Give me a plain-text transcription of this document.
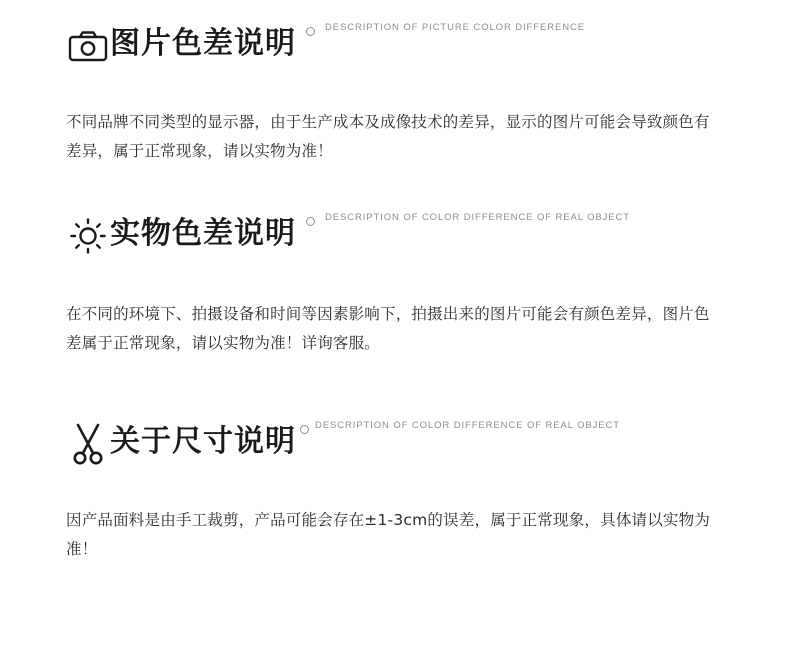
图片色差说明	DESCRIPTION OF PICTURE COLOR DIFFERENCE
不同品牌不同类型的显示器，由于生产成本及成像技术的差异，显示的图片可能会导致颜色有差异，属于正常现象，请以实物为准！
实物色差说明	DESCRIPTION OF COLOR DIFFERENCE OF REAL OBJECT
在不同的环境下、拍摄设备和时间等因素影响下，拍摄出来的图片可能会有颜色差异，图片色差属于正常现象，请以实物为准！详询客服。
关于尺寸说明	DESCRIPTION OF COLOR DIFFERENCE OF REAL OBJECT
因产品面料是由手工裁剪，产品可能会存在±1-3cm的误差，属于正常现象，具体请以实物为准！
